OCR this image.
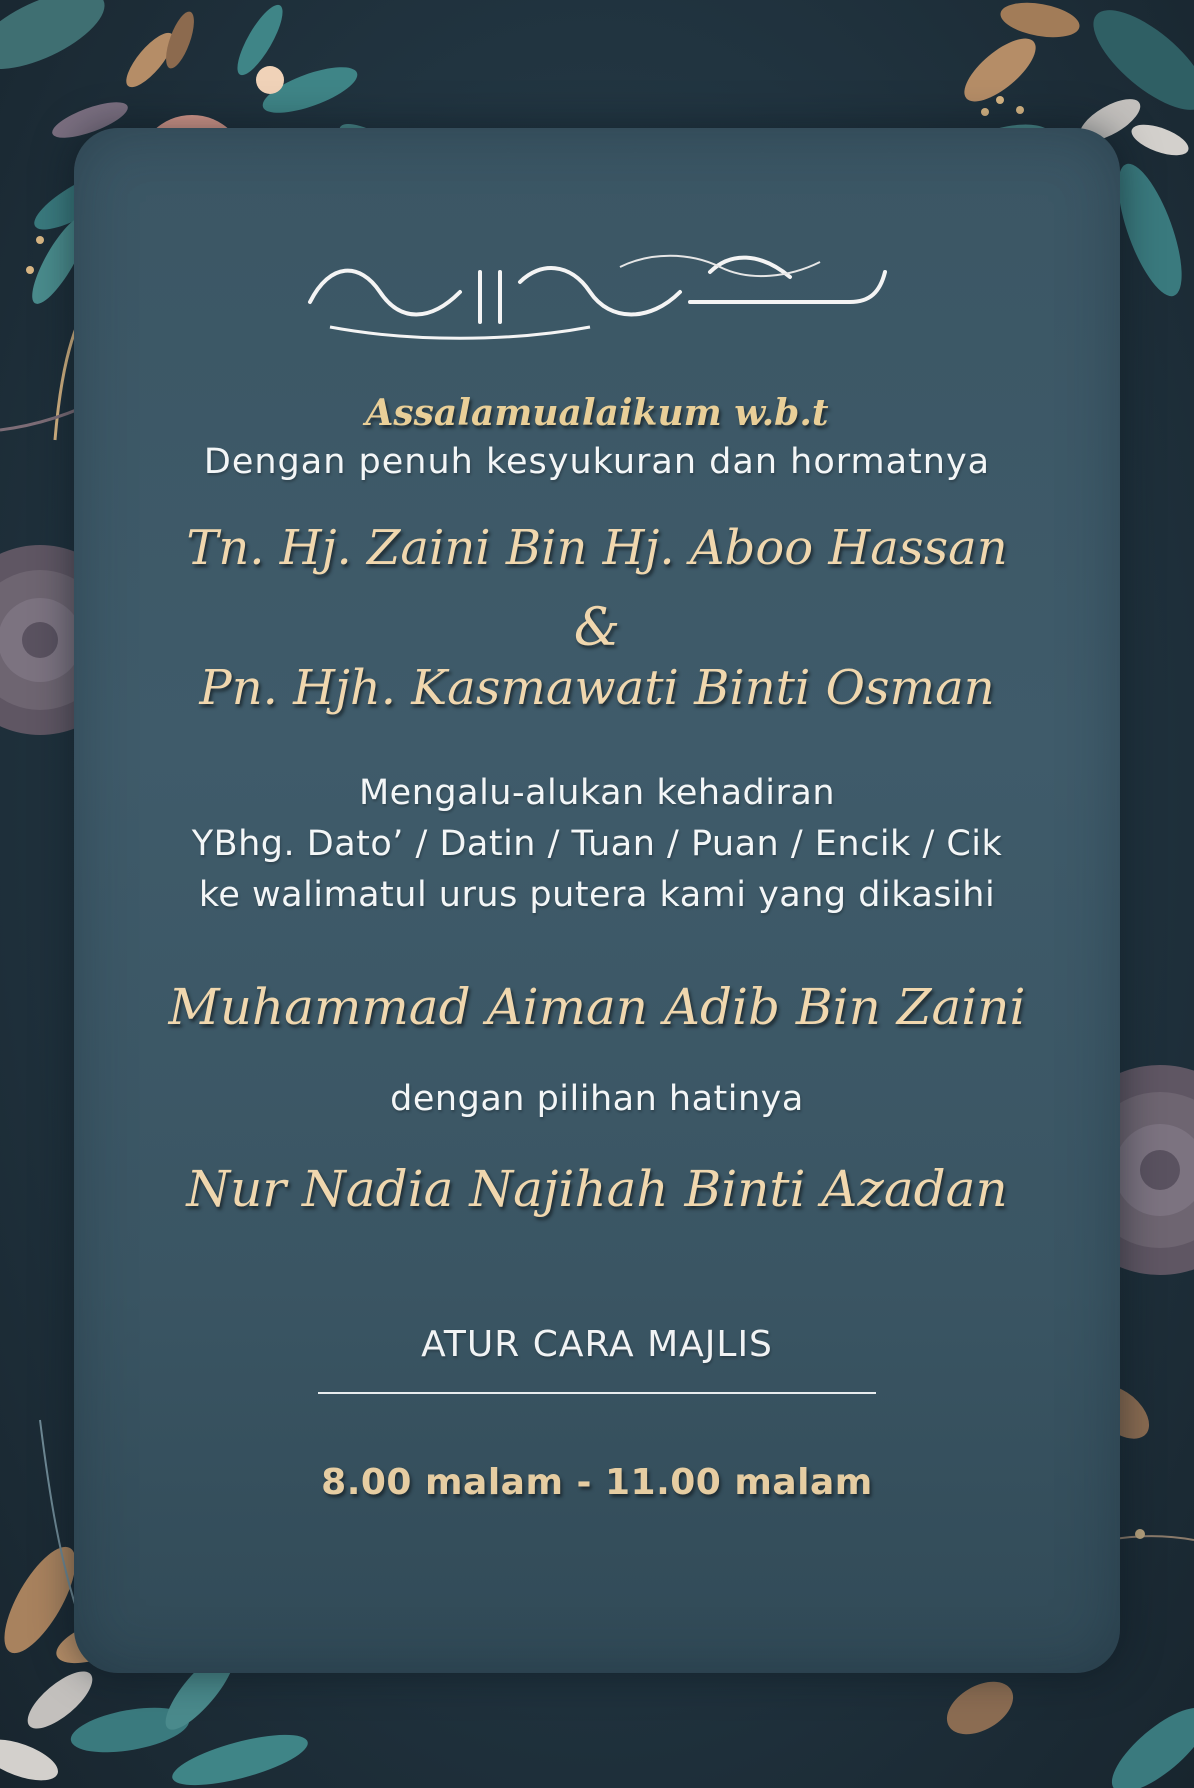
Assalamualaikum w.b.t
Dengan penuh kesyukuran dan hormatnya
Tn. Hj. Zaini Bin Hj. Aboo Hassan
&
Pn. Hjh. Kasmawati Binti Osman
Mengalu-alukan kehadiran
YBhg. Dato’ / Datin / Tuan / Puan / Encik / Cik
ke walimatul urus putera kami yang dikasihi
Muhammad Aiman Adib Bin Zaini
dengan pilihan hatinya
Nur Nadia Najihah Binti Azadan
ATUR CARA MAJLIS
8.00 malam - 11.00 malam
